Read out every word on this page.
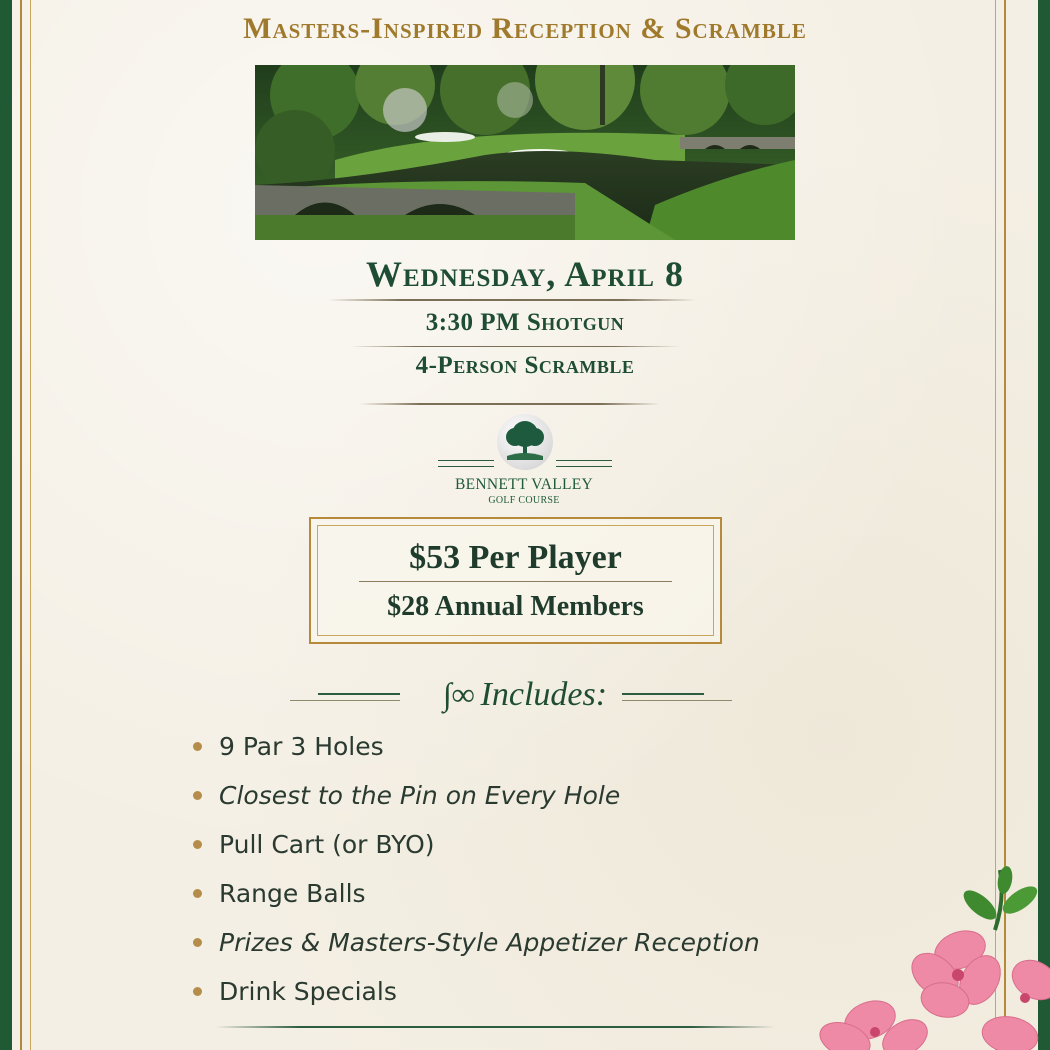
Masters-Inspired Reception & Scramble
Wednesday, April 8
3:30 PM Shotgun
4-Person Scramble
BENNETT VALLEY
GOLF COURSE
$53 Per Player
$28 Annual Members
∫∞ Includes:
9 Par 3 Holes
Closest to the Pin on Every Hole
Pull Cart (or BYO)
Range Balls
Prizes & Masters-Style Appetizer Reception
Drink Specials
